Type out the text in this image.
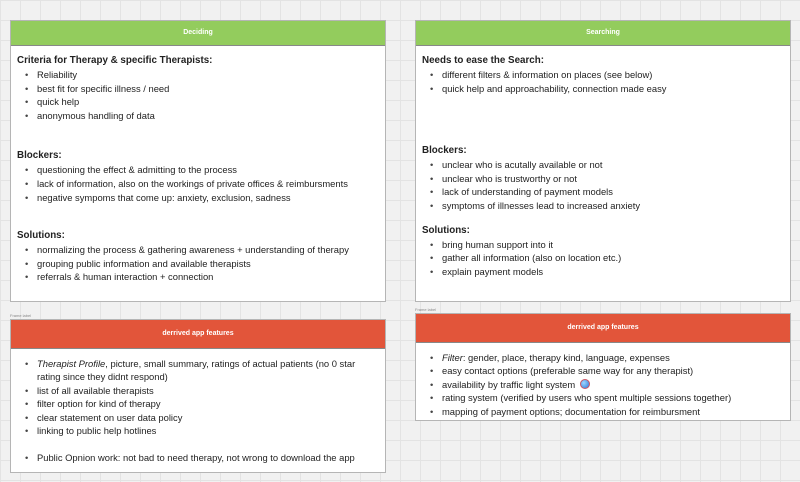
Deciding
Criteria for Therapy & specific Therapists:
• Reliability
• best fit for specific illness / need
• quick help
• anonymous handling of data
Blockers:
• questioning the effect & admitting to the process
• lack of information, also on the workings of private offices & reimbursments
• negative sympoms that come up: anxiety, exclusion, sadness
Solutions:
• normalizing the process & gathering awareness + understanding of therapy
• grouping public information and available therapists
• referrals & human interaction + connection
Searching
Needs to ease the Search:
• different filters & information on places (see below)
• quick help and approachability, connection made easy
Blockers:
• unclear who is acutally available or not
• unclear who is trustworthy or not
• lack of understanding of payment models
• symptoms of illnesses lead to increased anxiety
Solutions:
• bring human support into it
• gather all information (also on location etc.)
• explain payment models
Frame label
Frame label
derrived app features
• Therapist Profile, picture, small summary, ratings of actual patients (no 0 star rating since they didnt respond)
• list of all available therapists
• filter option for kind of therapy
• clear statement on user data policy
• linking to public help hotlines

• Public Opnion work: not bad to need therapy, not wrong to download the app
derrived app features
• Filter: gender, place, therapy kind, language, expenses
• easy contact options (preferable same way for any therapist)
• availability by traffic light system
• rating system (verified by users who spent multiple sessions together)
• mapping of payment options; documentation for reimbursment
